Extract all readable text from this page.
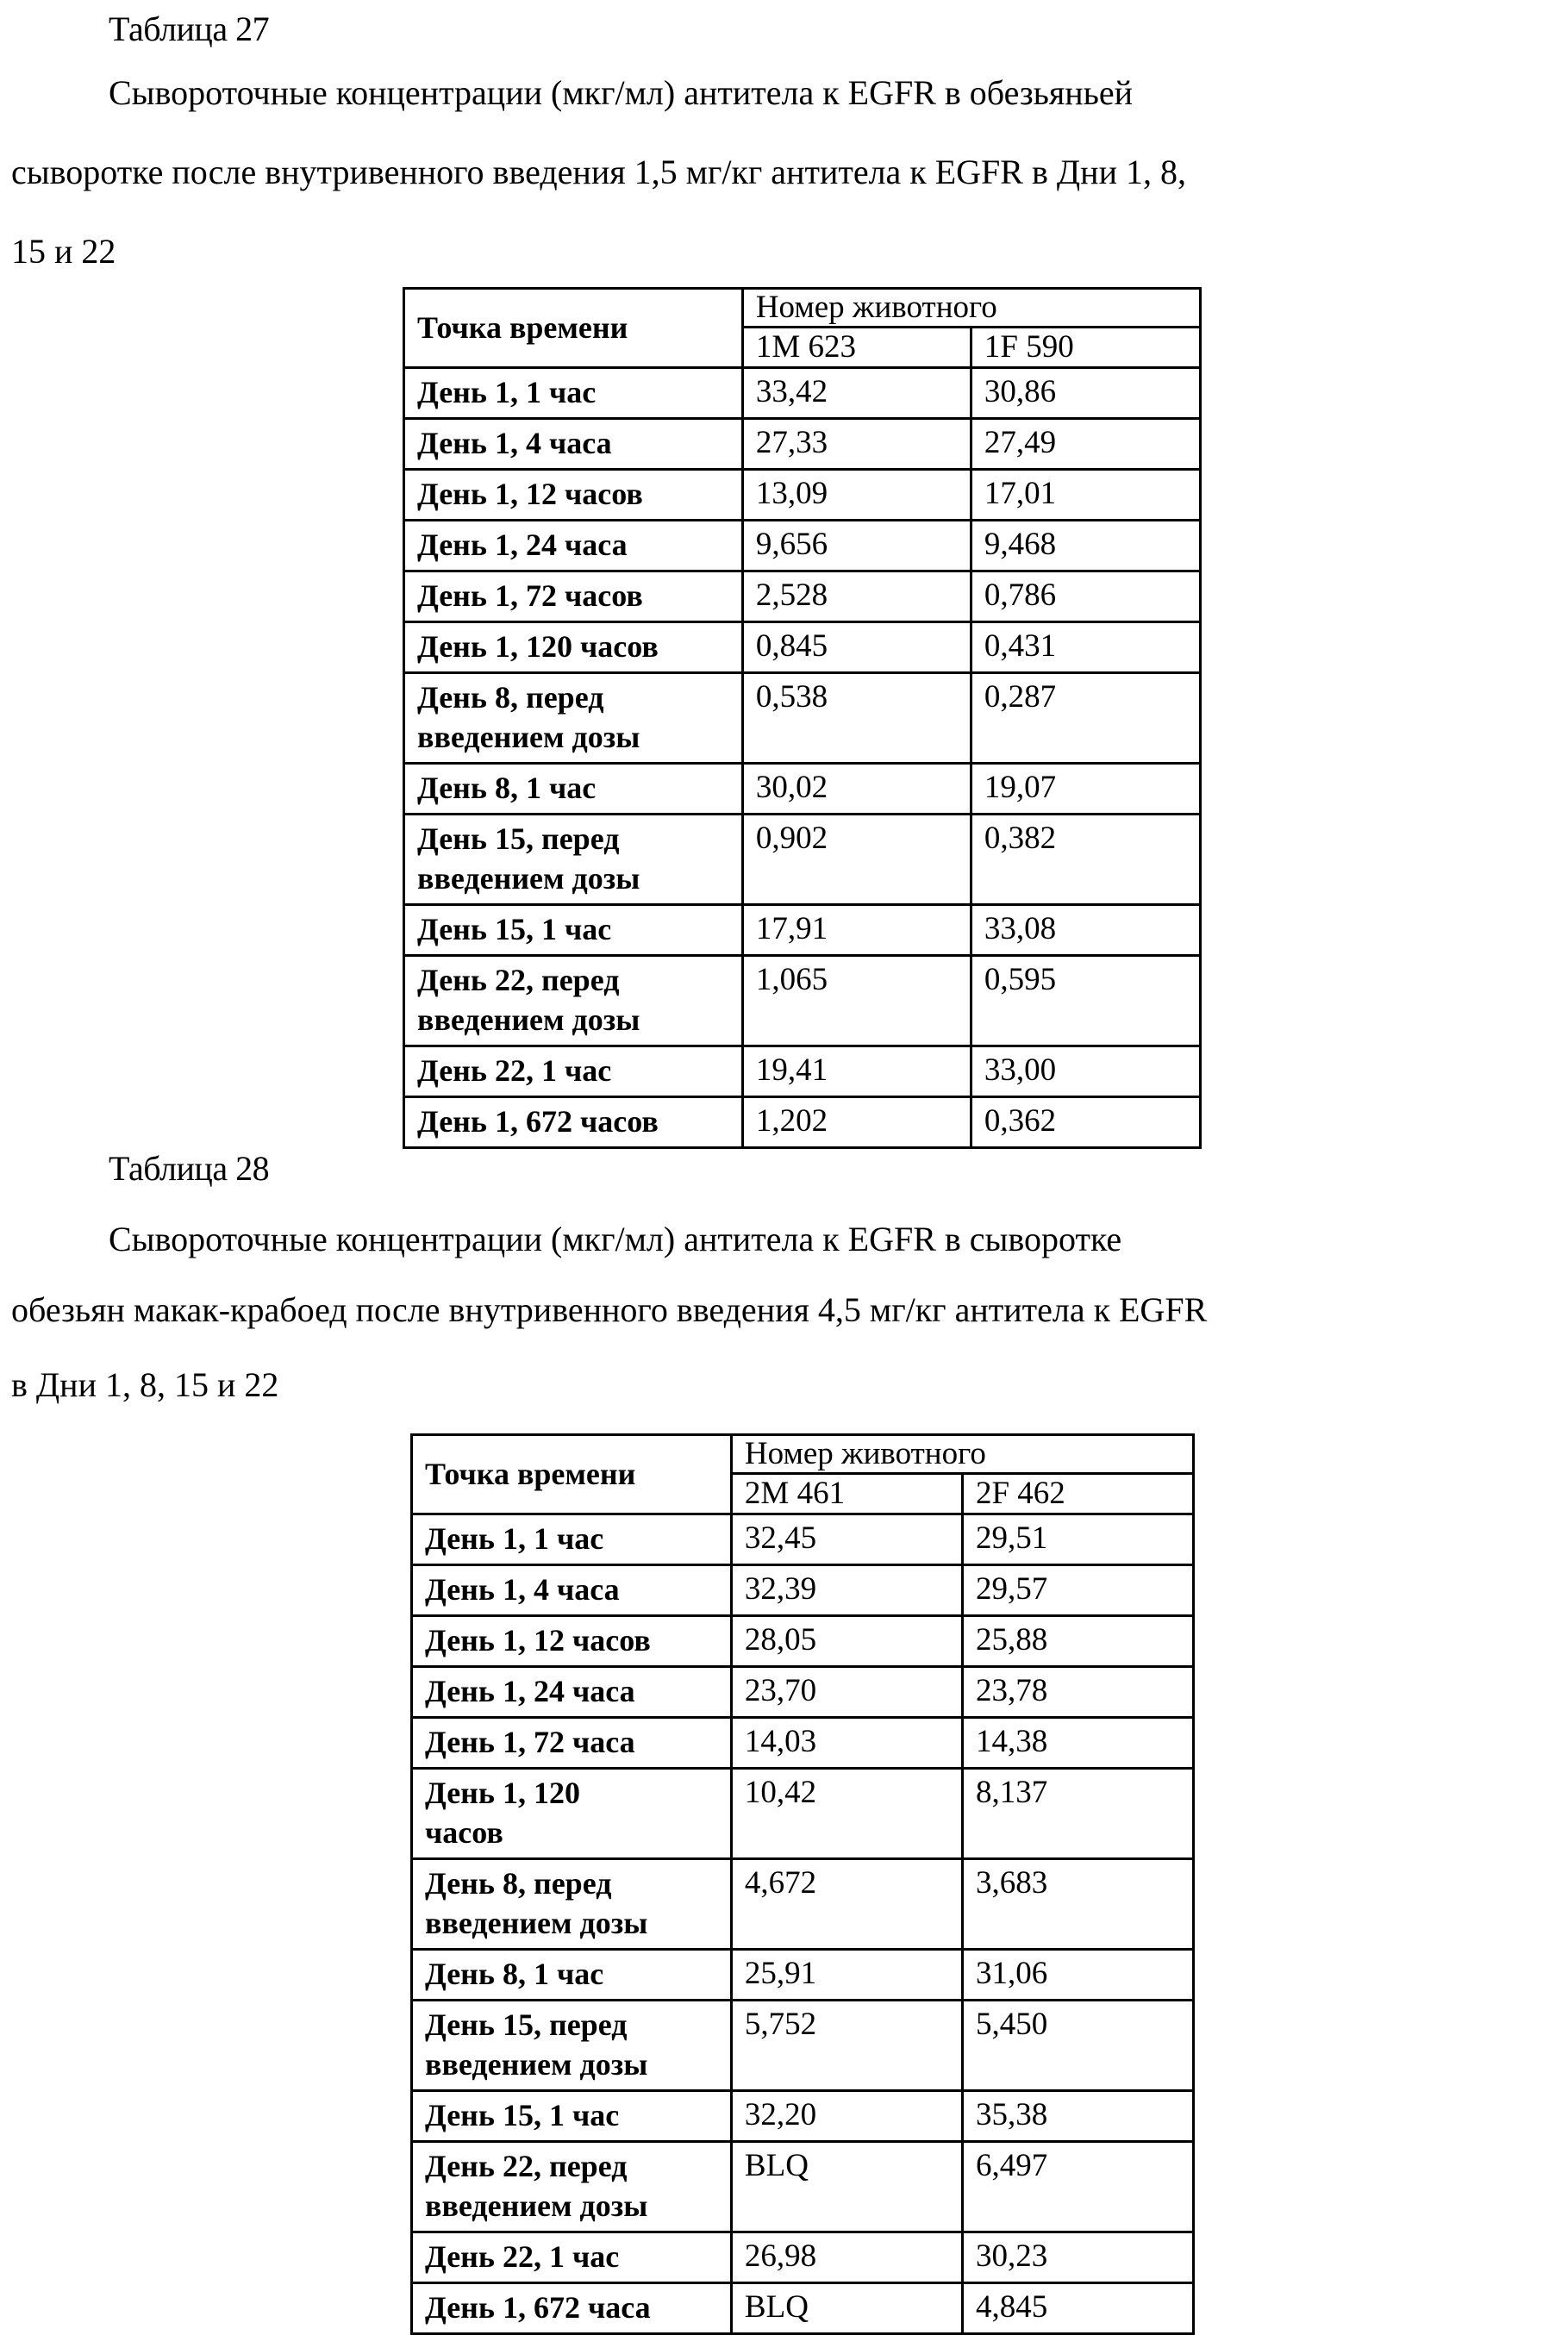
Таблица 27
Сывороточные концентрации (мкг/мл) антитела к EGFR в обезьяньей
сыворотке после внутривенного введения 1,5 мг/кг антитела к EGFR в Дни 1, 8,
15 и 22
Точка времени	Номер животного	
	1M 623	1F 590

День 1, 1 час	33,42	30,86

День 1, 4 часа	27,33	27,49

День 1, 12 часов	13,09	17,01

День 1, 24 часа	9,656	9,468

День 1, 72 часов	2,528	0,786

День 1, 120 часов	0,845	0,431

День 8, перед
введением дозы	0,538	0,287

День 8, 1 час	30,02	19,07

День 15, перед
введением дозы	0,902	0,382

День 15, 1 час	17,91	33,08

День 22, перед
введением дозы	1,065	0,595

День 22, 1 час	19,41	33,00

День 1, 672 часов	1,202	0,362
Таблица 28
Сывороточные концентрации (мкг/мл) антитела к EGFR в сыворотке
обезьян макак-крабоед после внутривенного введения 4,5 мг/кг антитела к EGFR
в Дни 1, 8, 15 и 22
Точка времени	Номер животного	
	2M 461	2F 462

День 1, 1 час	32,45	29,51

День 1, 4 часа	32,39	29,57

День 1, 12 часов	28,05	25,88

День 1, 24 часа	23,70	23,78

День 1, 72 часа	14,03	14,38

День 1, 120
часов	10,42	8,137

День 8, перед
введением дозы	4,672	3,683

День 8, 1 час	25,91	31,06

День 15, перед
введением дозы	5,752	5,450

День 15, 1 час	32,20	35,38

День 22, перед
введением дозы	BLQ	6,497

День 22, 1 час	26,98	30,23

День 1, 672 часа	BLQ	4,845
